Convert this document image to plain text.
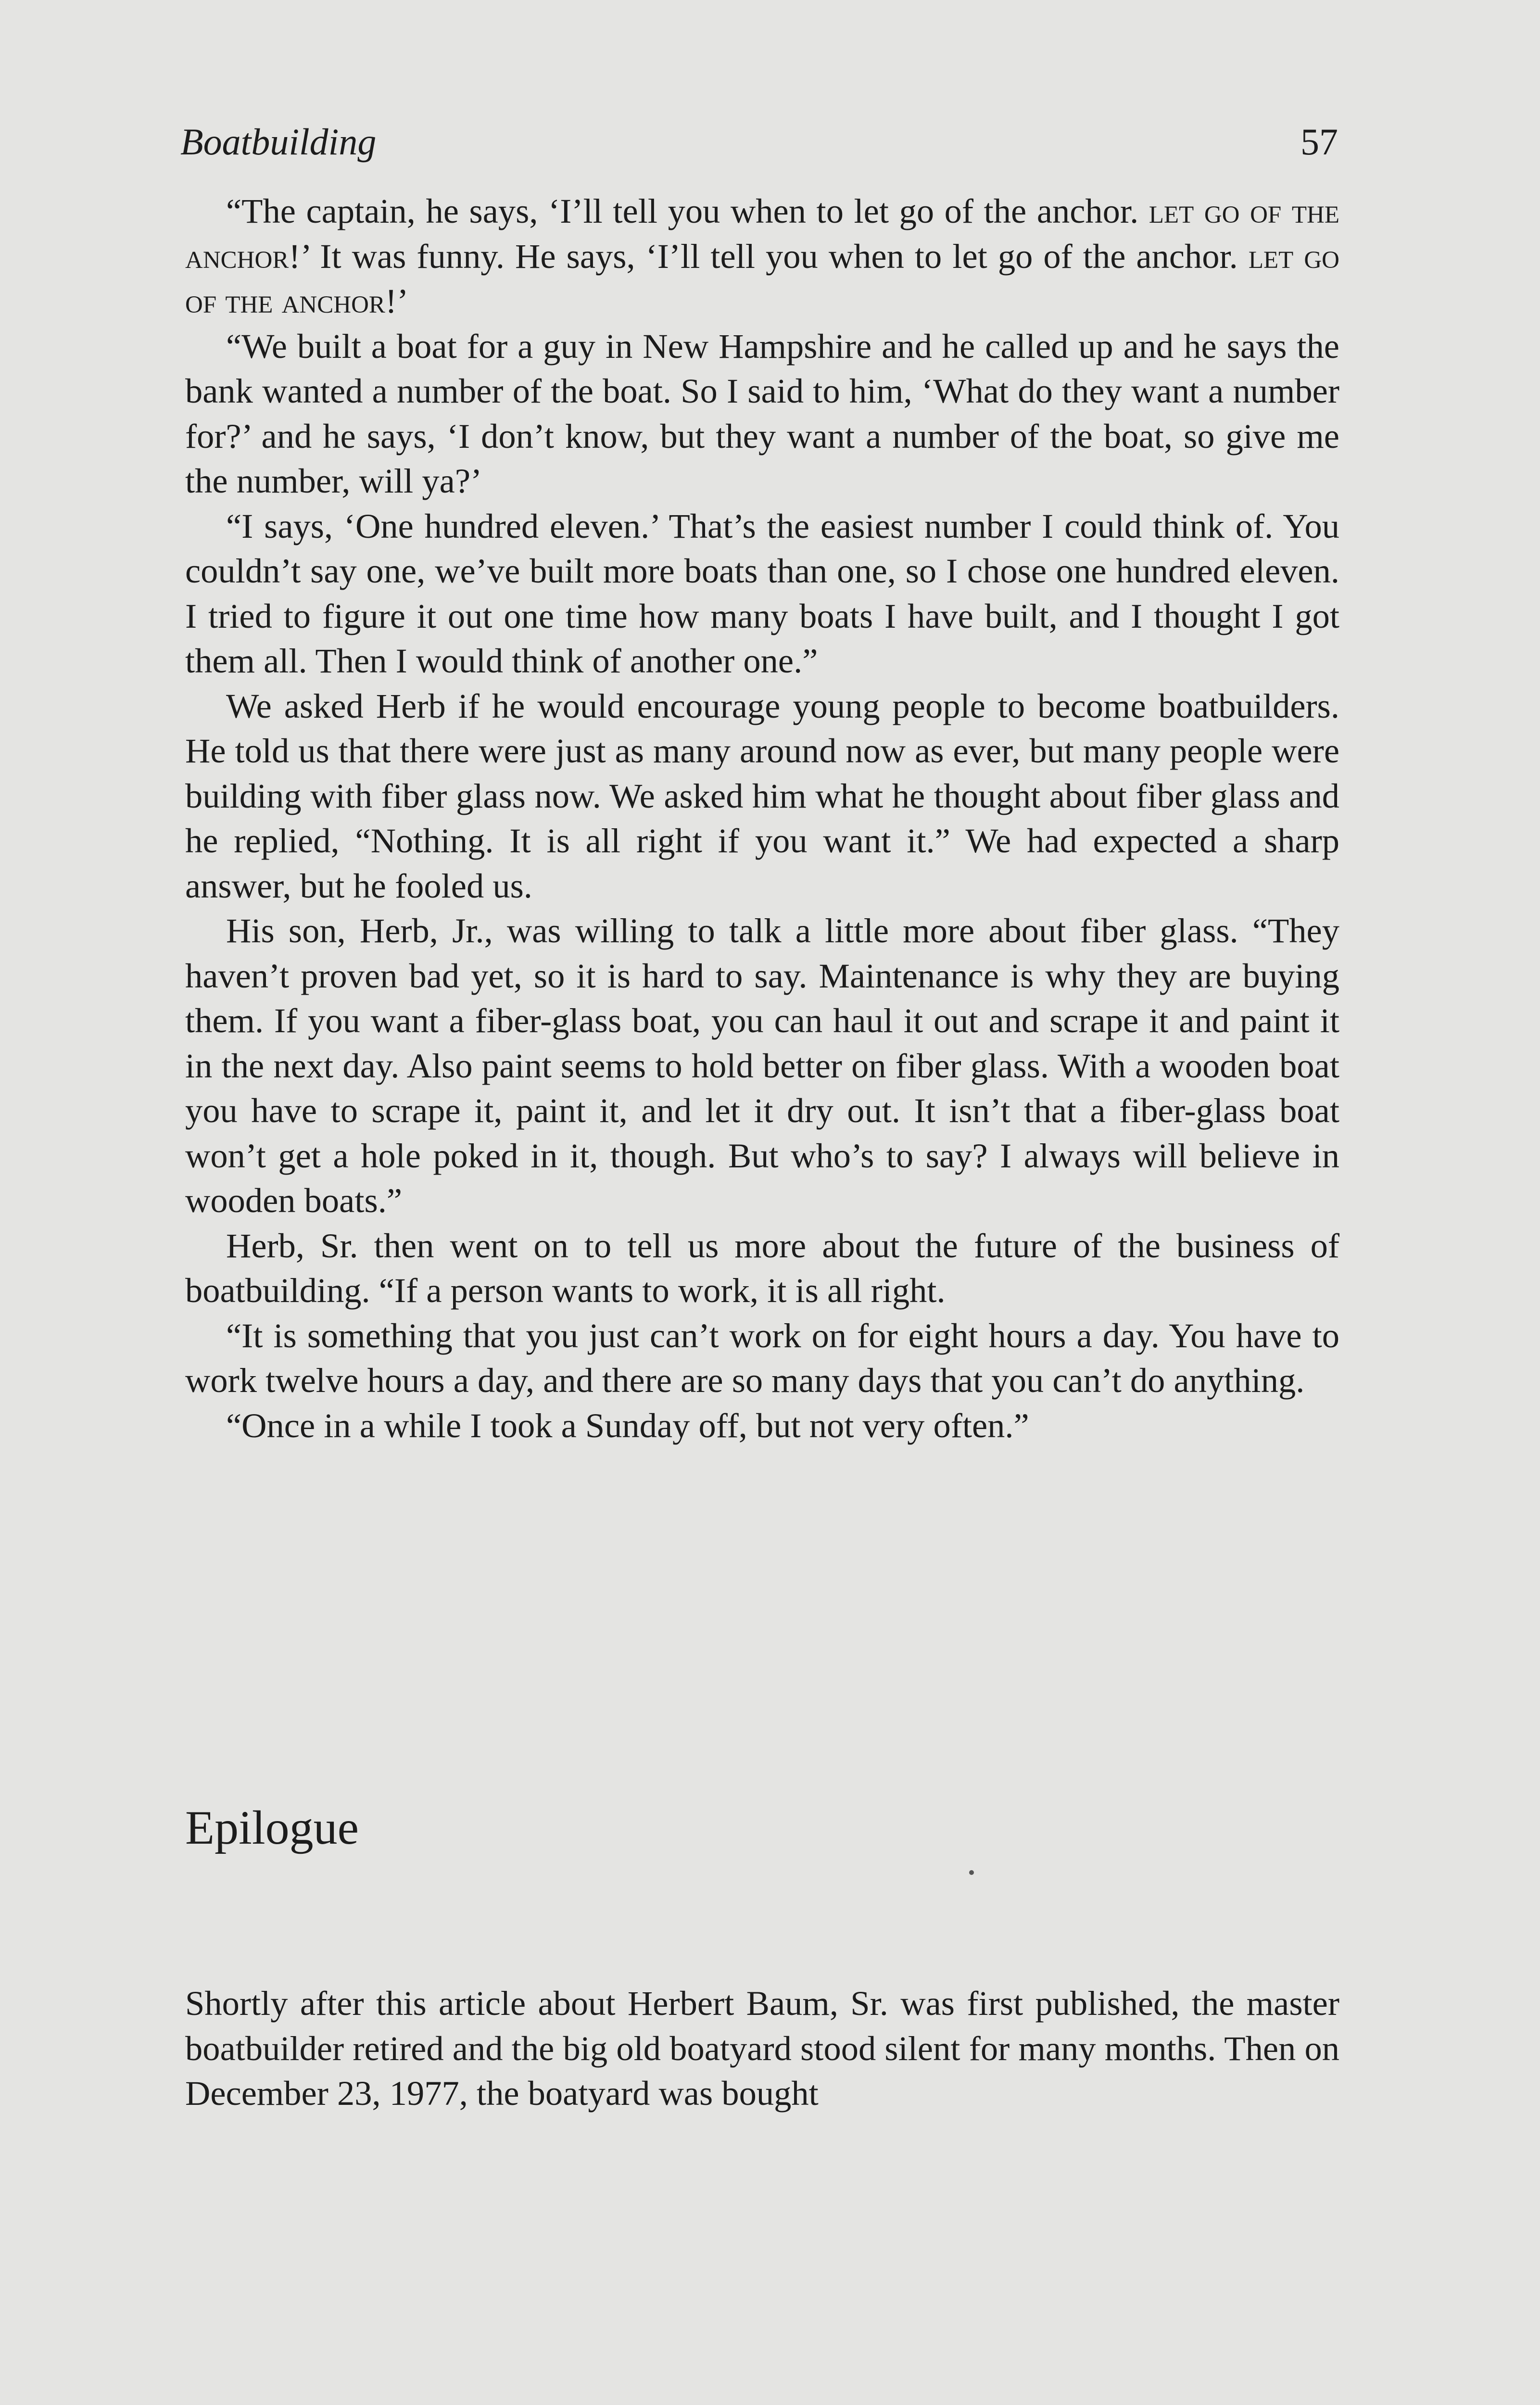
Boatbuilding	57

“The captain, he says, ‘I’ll tell you when to let go of the anchor. let go of the anchor!’ It was funny. He says, ‘I’ll tell you when to let go of the anchor. let go of the anchor!’

“We built a boat for a guy in New Hampshire and he called up and he says the bank wanted a number of the boat. So I said to him, ‘What do they want a number for?’ and he says, ‘I don’t know, but they want a number of the boat, so give me the number, will ya?’

“I says, ‘One hundred eleven.’ That’s the easiest number I could think of. You couldn’t say one, we’ve built more boats than one, so I chose one hundred eleven. I tried to figure it out one time how many boats I have built, and I thought I got them all. Then I would think of another one.”

We asked Herb if he would encourage young people to become boatbuilders. He told us that there were just as many around now as ever, but many people were building with fiber glass now. We asked him what he thought about fiber glass and he replied, “Nothing. It is all right if you want it.” We had expected a sharp answer, but he fooled us.

His son, Herb, Jr., was willing to talk a little more about fiber glass. “They haven’t proven bad yet, so it is hard to say. Maintenance is why they are buying them. If you want a fiber-glass boat, you can haul it out and scrape it and paint it in the next day. Also paint seems to hold better on fiber glass. With a wooden boat you have to scrape it, paint it, and let it dry out. It isn’t that a fiber-glass boat won’t get a hole poked in it, though. But who’s to say? I always will believe in wooden boats.”

Herb, Sr. then went on to tell us more about the future of the business of boatbuilding. “If a person wants to work, it is all right.

“It is something that you just can’t work on for eight hours a day. You have to work twelve hours a day, and there are so many days that you can’t do anything.

“Once in a while I took a Sunday off, but not very often.”

Epilogue

Shortly after this article about Herbert Baum, Sr. was first published, the master boatbuilder retired and the big old boatyard stood silent for many months. Then on December 23, 1977, the boatyard was bought
